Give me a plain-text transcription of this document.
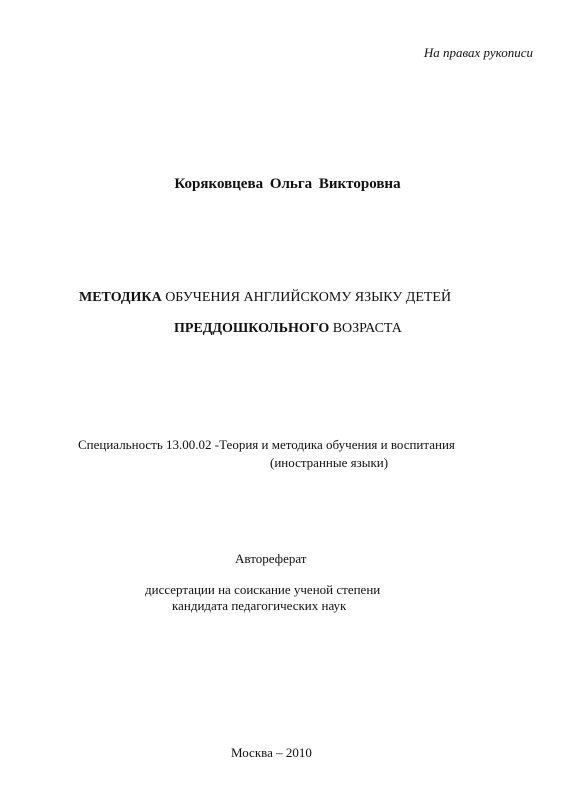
На правах рукописи
Коряковцева Ольга Викторовна
МЕТОДИКА ОБУЧЕНИЯ АНГЛИЙСКОМУ ЯЗЫКУ ДЕТЕЙ
ПРЕДДОШКОЛЬНОГО ВОЗРАСТА
Специальность 13.00.02 -Теория и методика обучения и воспитания
(иностранные языки)
Автореферат
диссертации на соискание ученой степени
кандидата педагогических наук
Москва – 2010
